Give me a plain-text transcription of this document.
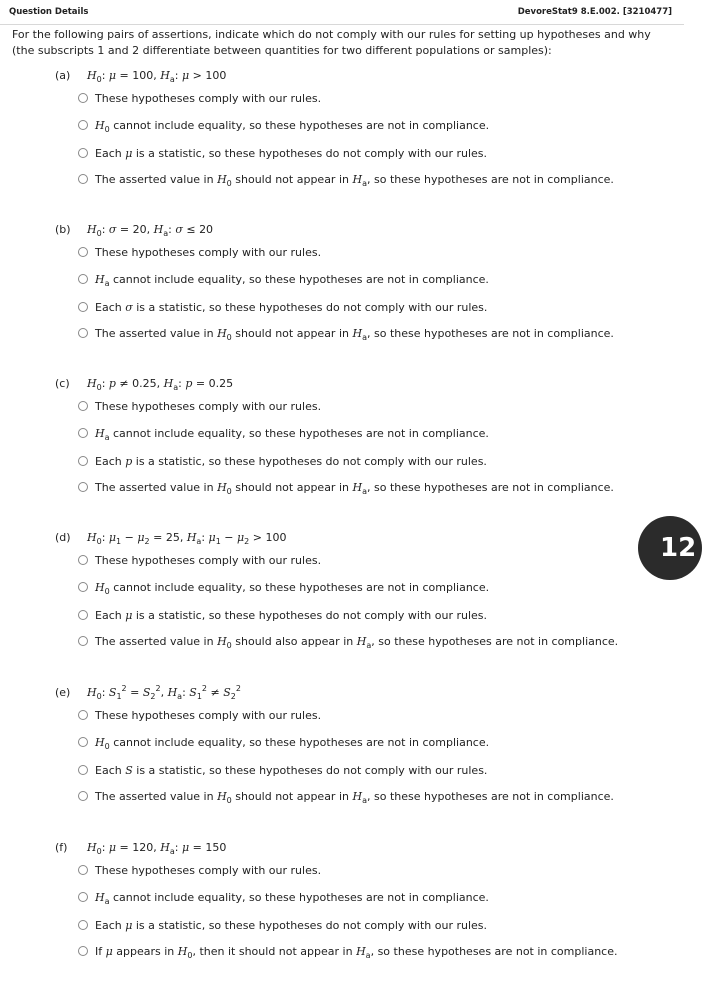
Question Details	DevoreStat9 8.E.002. [3210477]
For the following pairs of assertions, indicate which do not comply with our rules for setting up hypotheses and why (the subscripts 1 and 2 differentiate between quantities for two different populations or samples):
(a) $H_0$: μ = 100, $H_a$: μ > 100
These hypotheses comply with our rules.
$H_0$ cannot include equality, so these hypotheses are not in compliance.
Each μ is a statistic, so these hypotheses do not comply with our rules.
The asserted value in $H_0$ should not appear in $H_a$, so these hypotheses are not in compliance.
(b) $H_0$: σ = 20, $H_a$: σ ≤ 20
These hypotheses comply with our rules.
$H_a$ cannot include equality, so these hypotheses are not in compliance.
Each σ is a statistic, so these hypotheses do not comply with our rules.
The asserted value in $H_0$ should not appear in $H_a$, so these hypotheses are not in compliance.
(c) $H_0$: p ≠ 0.25, $H_a$: p = 0.25
These hypotheses comply with our rules.
$H_a$ cannot include equality, so these hypotheses are not in compliance.
Each p is a statistic, so these hypotheses do not comply with our rules.
The asserted value in $H_0$ should not appear in $H_a$, so these hypotheses are not in compliance.
(d) $H_0$: $\mu_1 - \mu_2 = 25$, $H_a$: $\mu_1 - \mu_2 > 100$
These hypotheses comply with our rules.
$H_0$ cannot include equality, so these hypotheses are not in compliance.
Each μ is a statistic, so these hypotheses do not comply with our rules.
The asserted value in $H_0$ should also appear in $H_a$, so these hypotheses are not in compliance.
(e) $H_0$: $S_1^2 = S_2^2$, $H_a$: $S_1^2 \ne S_2^2$
These hypotheses comply with our rules.
$H_0$ cannot include equality, so these hypotheses are not in compliance.
Each S is a statistic, so these hypotheses do not comply with our rules.
The asserted value in $H_0$ should not appear in $H_a$, so these hypotheses are not in compliance.
(f) $H_0$: μ = 120, $H_a$: μ = 150
These hypotheses comply with our rules.
$H_a$ cannot include equality, so these hypotheses are not in compliance.
Each μ is a statistic, so these hypotheses do not comply with our rules.
If μ appears in $H_0$, then it should not appear in $H_a$, so these hypotheses are not in compliance.
12
